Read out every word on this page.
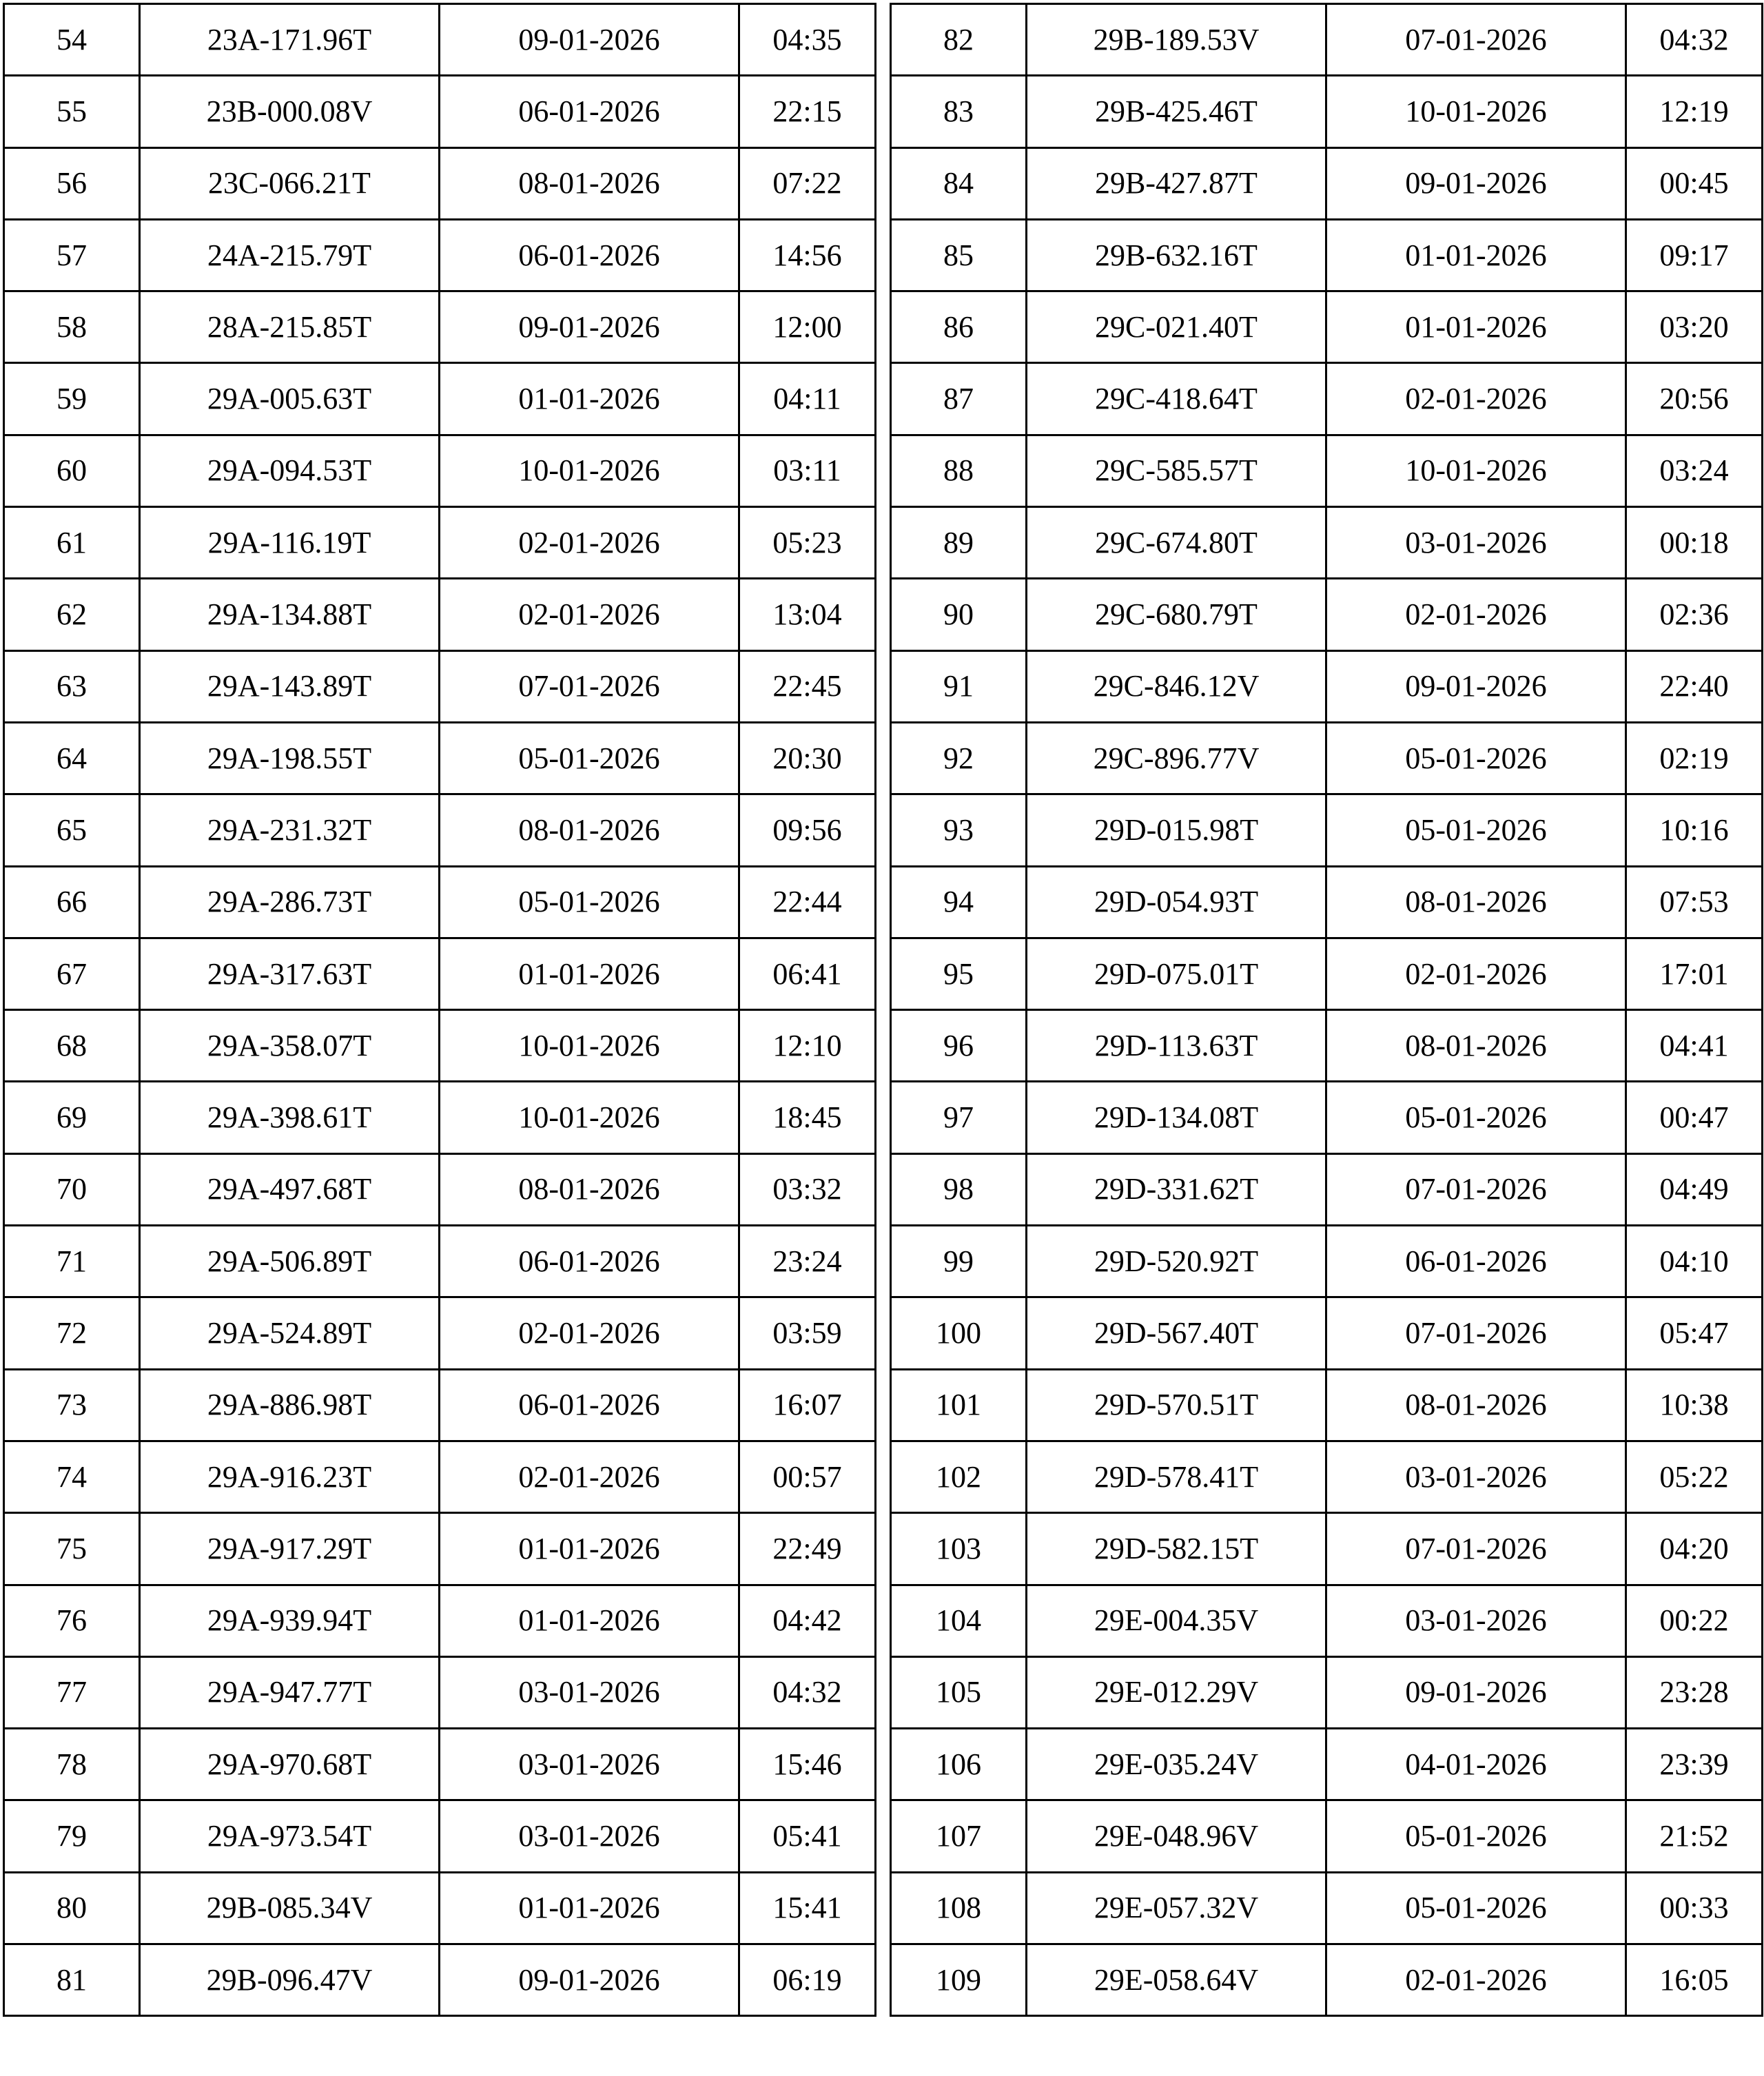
54	23A-171.96T	09-01-2026	04:35
55	23B-000.08V	06-01-2026	22:15
56	23C-066.21T	08-01-2026	07:22
57	24A-215.79T	06-01-2026	14:56
58	28A-215.85T	09-01-2026	12:00
59	29A-005.63T	01-01-2026	04:11
60	29A-094.53T	10-01-2026	03:11
61	29A-116.19T	02-01-2026	05:23
62	29A-134.88T	02-01-2026	13:04
63	29A-143.89T	07-01-2026	22:45
64	29A-198.55T	05-01-2026	20:30
65	29A-231.32T	08-01-2026	09:56
66	29A-286.73T	05-01-2026	22:44
67	29A-317.63T	01-01-2026	06:41
68	29A-358.07T	10-01-2026	12:10
69	29A-398.61T	10-01-2026	18:45
70	29A-497.68T	08-01-2026	03:32
71	29A-506.89T	06-01-2026	23:24
72	29A-524.89T	02-01-2026	03:59
73	29A-886.98T	06-01-2026	16:07
74	29A-916.23T	02-01-2026	00:57
75	29A-917.29T	01-01-2026	22:49
76	29A-939.94T	01-01-2026	04:42
77	29A-947.77T	03-01-2026	04:32
78	29A-970.68T	03-01-2026	15:46
79	29A-973.54T	03-01-2026	05:41
80	29B-085.34V	01-01-2026	15:41
81	29B-096.47V	09-01-2026	06:19
82	29B-189.53V	07-01-2026	04:32
83	29B-425.46T	10-01-2026	12:19
84	29B-427.87T	09-01-2026	00:45
85	29B-632.16T	01-01-2026	09:17
86	29C-021.40T	01-01-2026	03:20
87	29C-418.64T	02-01-2026	20:56
88	29C-585.57T	10-01-2026	03:24
89	29C-674.80T	03-01-2026	00:18
90	29C-680.79T	02-01-2026	02:36
91	29C-846.12V	09-01-2026	22:40
92	29C-896.77V	05-01-2026	02:19
93	29D-015.98T	05-01-2026	10:16
94	29D-054.93T	08-01-2026	07:53
95	29D-075.01T	02-01-2026	17:01
96	29D-113.63T	08-01-2026	04:41
97	29D-134.08T	05-01-2026	00:47
98	29D-331.62T	07-01-2026	04:49
99	29D-520.92T	06-01-2026	04:10
100	29D-567.40T	07-01-2026	05:47
101	29D-570.51T	08-01-2026	10:38
102	29D-578.41T	03-01-2026	05:22
103	29D-582.15T	07-01-2026	04:20
104	29E-004.35V	03-01-2026	00:22
105	29E-012.29V	09-01-2026	23:28
106	29E-035.24V	04-01-2026	23:39
107	29E-048.96V	05-01-2026	21:52
108	29E-057.32V	05-01-2026	00:33
109	29E-058.64V	02-01-2026	16:05
